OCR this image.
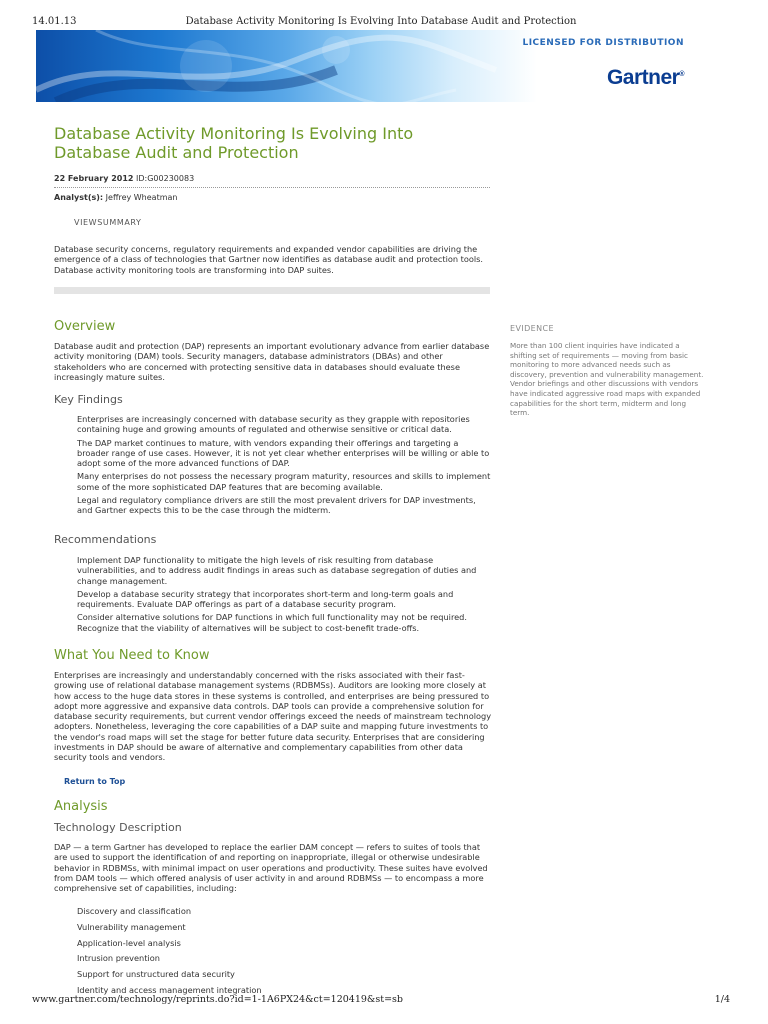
14.01.13	Database Activity Monitoring Is Evolving Into Database Audit and Protection
LICENSED FOR DISTRIBUTION
Gartner®
Database Activity Monitoring Is Evolving Into Database Audit and Protection
22 February 2012 ID:G00230083
Analyst(s): Jeffrey Wheatman
VIEWSUMMARY

Database security concerns, regulatory requirements and expanded vendor capabilities are driving the emergence of a class of technologies that Gartner now identifies as database audit and protection tools. Database activity monitoring tools are transforming into DAP suites.

Overview

Database audit and protection (DAP) represents an important evolutionary advance from earlier database activity monitoring (DAM) tools. Security managers, database administrators (DBAs) and other stakeholders who are concerned with protecting sensitive data in databases should evaluate these increasingly mature suites.

Key Findings
Enterprises are increasingly concerned with database security as they grapple with repositories containing huge and growing amounts of regulated and otherwise sensitive or critical data.
The DAP market continues to mature, with vendors expanding their offerings and targeting a broader range of use cases. However, it is not yet clear whether enterprises will be willing or able to adopt some of the more advanced functions of DAP.
Many enterprises do not possess the necessary program maturity, resources and skills to implement some of the more sophisticated DAP features that are becoming available.
Legal and regulatory compliance drivers are still the most prevalent drivers for DAP investments, and Gartner expects this to be the case through the midterm.
Recommendations
Implement DAP functionality to mitigate the high levels of risk resulting from database vulnerabilities, and to address audit findings in areas such as database segregation of duties and change management.
Develop a database security strategy that incorporates short-term and long-term goals and requirements. Evaluate DAP offerings as part of a database security program.
Consider alternative solutions for DAP functions in which full functionality may not be required. Recognize that the viability of alternatives will be subject to cost-benefit trade-offs.
What You Need to Know

Enterprises are increasingly and understandably concerned with the risks associated with their fast-growing use of relational database management systems (RDBMSs). Auditors are looking more closely at how access to the huge data stores in these systems is controlled, and enterprises are being pressured to adopt more aggressive and expansive data controls. DAP tools can provide a comprehensive solution for database security requirements, but current vendor offerings exceed the needs of mainstream technology adopters. Nonetheless, leveraging the core capabilities of a DAP suite and mapping future investments to the vendor's road maps will set the stage for better future data security. Enterprises that are considering investments in DAP should be aware of alternative and complementary capabilities from other data security tools and vendors.

Return to Top
Analysis
Technology Description

DAP — a term Gartner has developed to replace the earlier DAM concept — refers to suites of tools that are used to support the identification of and reporting on inappropriate, illegal or otherwise undesirable behavior in RDBMSs, with minimal impact on user operations and productivity. These suites have evolved from DAM tools — which offered analysis of user activity in and around RDBMSs — to encompass a more comprehensive set of capabilities, including:

Discovery and classification
Vulnerability management
Application-level analysis
Intrusion prevention
Support for unstructured data security
Identity and access management integration
EVIDENCE

More than 100 client inquiries have indicated a shifting set of requirements — moving from basic monitoring to more advanced needs such as discovery, prevention and vulnerability management. Vendor briefings and other discussions with vendors have indicated aggressive road maps with expanded capabilities for the short term, midterm and long term.

www.gartner.com/technology/reprints.do?id=1-1A6PX24&ct=120419&st=sb	1/4
